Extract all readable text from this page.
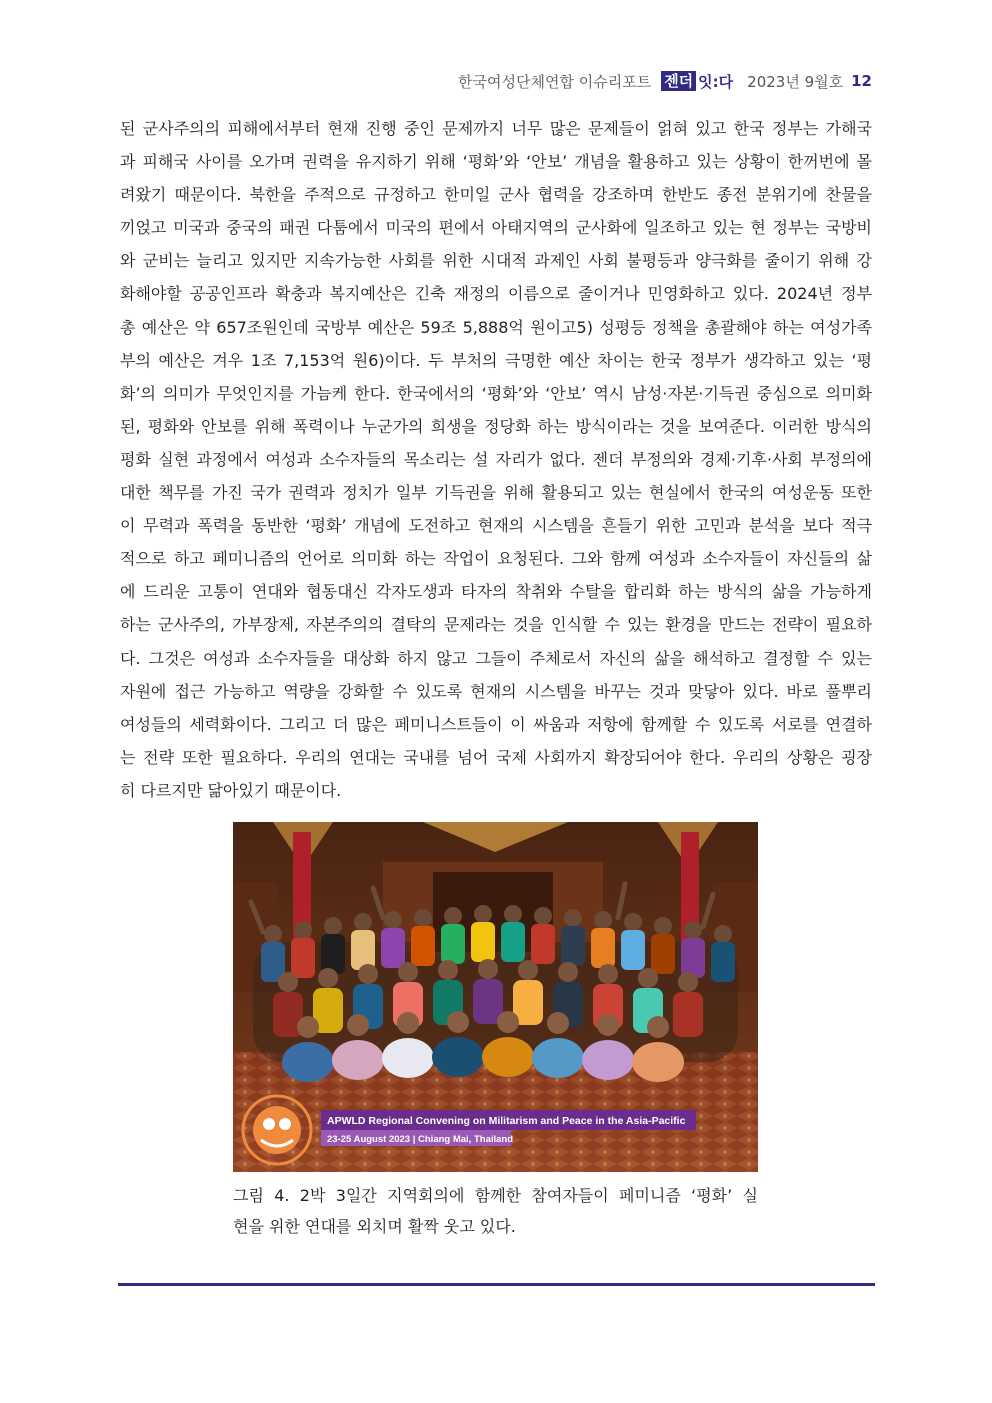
한국여성단체연합 이슈리포트 젠더 잇:다 2023년 9월호 12
된 군사주의의 피해에서부터 현재 진행 중인 문제까지 너무 많은 문제들이 얽혀 있고 한국 정부는 가해국
과 피해국 사이를 오가며 권력을 유지하기 위해 ‘평화’와 ‘안보’ 개념을 활용하고 있는 상황이 한꺼번에 몰
려왔기 때문이다. 북한을 주적으로 규정하고 한미일 군사 협력을 강조하며 한반도 종전 분위기에 찬물을
끼얹고 미국과 중국의 패권 다툼에서 미국의 편에서 아태지역의 군사화에 일조하고 있는 현 정부는 국방비
와 군비는 늘리고 있지만 지속가능한 사회를 위한 시대적 과제인 사회 불평등과 양극화를 줄이기 위해 강
화해야할 공공인프라 확충과 복지예산은 긴축 재정의 이름으로 줄이거나 민영화하고 있다. 2024년 정부
총 예산은 약 657조원인데 국방부 예산은 59조 5,888억 원이고5) 성평등 정책을 총괄해야 하는 여성가족
부의 예산은 겨우 1조 7,153억 원6)이다. 두 부처의 극명한 예산 차이는 한국 정부가 생각하고 있는 ‘평
화’의 의미가 무엇인지를 가늠케 한다. 한국에서의 ‘평화’와 ‘안보’ 역시 남성·자본·기득권 중심으로 의미화
된, 평화와 안보를 위해 폭력이나 누군가의 희생을 정당화 하는 방식이라는 것을 보여준다. 이러한 방식의
평화 실현 과정에서 여성과 소수자들의 목소리는 설 자리가 없다. 젠더 부정의와 경제·기후·사회 부정의에
대한 책무를 가진 국가 권력과 정치가 일부 기득권을 위해 활용되고 있는 현실에서 한국의 여성운동 또한
이 무력과 폭력을 동반한 ‘평화’ 개념에 도전하고 현재의 시스템을 흔들기 위한 고민과 분석을 보다 적극
적으로 하고 페미니즘의 언어로 의미화 하는 작업이 요청된다. 그와 함께 여성과 소수자들이 자신들의 삶
에 드리운 고통이 연대와 협동대신 각자도생과 타자의 착취와 수탈을 합리화 하는 방식의 삶을 가능하게
하는 군사주의, 가부장제, 자본주의의 결탁의 문제라는 것을 인식할 수 있는 환경을 만드는 전략이 필요하
다. 그것은 여성과 소수자들을 대상화 하지 않고 그들이 주체로서 자신의 삶을 해석하고 결정할 수 있는
자원에 접근 가능하고 역량을 강화할 수 있도록 현재의 시스템을 바꾸는 것과 맞닿아 있다. 바로 풀뿌리
여성들의 세력화이다. 그리고 더 많은 페미니스트들이 이 싸움과 저항에 함께할 수 있도록 서로를 연결하
는 전략 또한 필요하다. 우리의 연대는 국내를 넘어 국제 사회까지 확장되어야 한다. 우리의 상황은 굉장
히 다르지만 닮아있기 때문이다.
APWLD Regional Convening on Militarism and Peace in the Asia-Pacific
23-25 August 2023 | Chiang Mai, Thailand
그림 4. 2박 3일간 지역회의에 함께한 참여자들이 페미니즘 ‘평화’ 실
현을 위한 연대를 외치며 활짝 웃고 있다.
